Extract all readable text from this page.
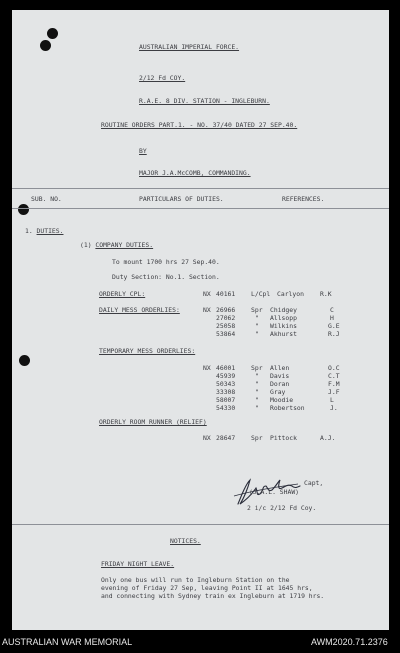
AUSTRALIAN IMPERIAL FORCE.
2/12 Fd COY.
R.A.E. 8 DIV. STATION - INGLEBURN.
ROUTINE ORDERS PART.1. - NO. 37/40 DATED 27 SEP.40.
BY
MAJOR J.A.McCOMB, COMMANDING.
SUB. NO.	PARTICULARS OF DUTIES.	REFERENCES.
1. DUTIES.
(1) COMPANY DUTIES.
To mount 1700 hrs 27 Sep.40.
Duty Section: No.1. Section.
ORDERLY CPL:	NX 40161 L/Cpl Carlyon	R.K
DAILY MESS ORDERLIES:	NX 26966 Spr Chidgey	C
27062	" Allsopp	H
25058	" Wilkins	G.E
53864	" Akhurst	R.J
TEMPORARY MESS ORDERLIES:
NX 46001 Spr Allen	O.C
45939	" Davis	C.T
50343	" Doran	F.M
33308	" Gray	J.F
58007	" Moodie	L
54330	" Robertson	J.
ORDERLY ROOM RUNNER (RELIEF)
NX 28647 Spr Pittock	A.J.
Capt,
(J.A.L. SHAW)
2 i/c 2/12 Fd Coy.
NOTICES.
FRIDAY NIGHT LEAVE.
Only one bus will run to Ingleburn Station on the
evening of Friday 27 Sep, leaving Point II at 1645 hrs,
and connecting with Sydney train ex Ingleburn at 1719 hrs.
AUSTRALIAN WAR MEMORIAL	AWM2020.71.2376
